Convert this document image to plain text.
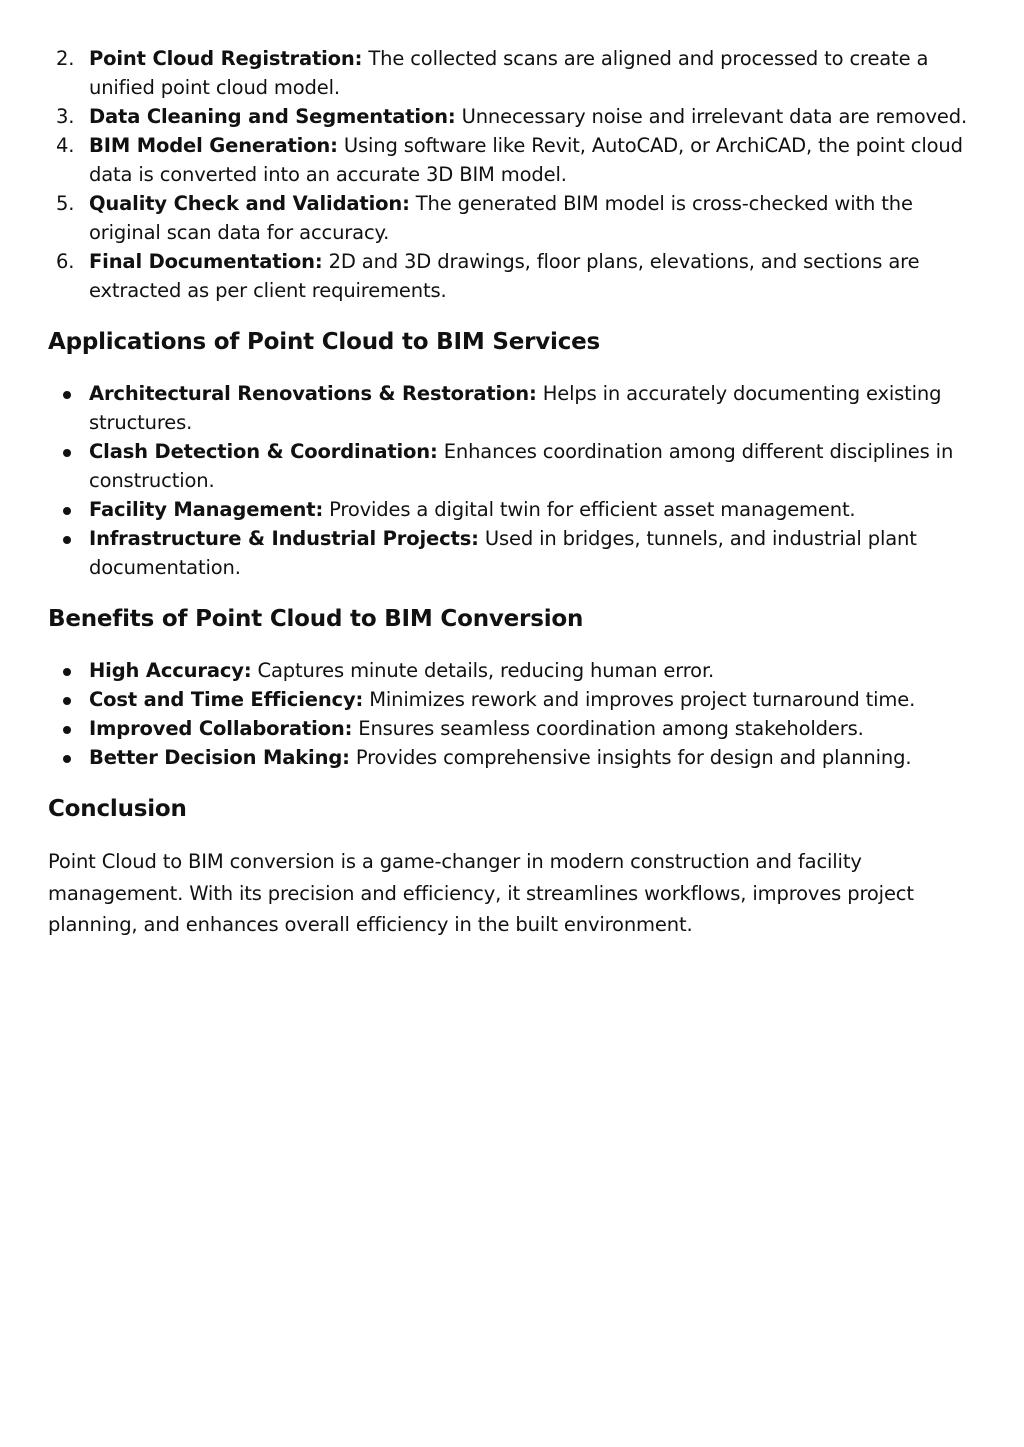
2. Point Cloud Registration: The collected scans are aligned and processed to create a unified point cloud model.
3. Data Cleaning and Segmentation: Unnecessary noise and irrelevant data are removed.
4. BIM Model Generation: Using software like Revit, AutoCAD, or ArchiCAD, the point cloud data is converted into an accurate 3D BIM model.
5. Quality Check and Validation: The generated BIM model is cross-checked with the original scan data for accuracy.
6. Final Documentation: 2D and 3D drawings, floor plans, elevations, and sections are extracted as per client requirements.
Applications of Point Cloud to BIM Services
Architectural Renovations & Restoration: Helps in accurately documenting existing structures.
Clash Detection & Coordination: Enhances coordination among different disciplines in construction.
Facility Management: Provides a digital twin for efficient asset management.
Infrastructure & Industrial Projects: Used in bridges, tunnels, and industrial plant documentation.
Benefits of Point Cloud to BIM Conversion
High Accuracy: Captures minute details, reducing human error.
Cost and Time Efficiency: Minimizes rework and improves project turnaround time.
Improved Collaboration: Ensures seamless coordination among stakeholders.
Better Decision Making: Provides comprehensive insights for design and planning.
Conclusion

Point Cloud to BIM conversion is a game-changer in modern construction and facility management. With its precision and efficiency, it streamlines workflows, improves project planning, and enhances overall efficiency in the built environment.
